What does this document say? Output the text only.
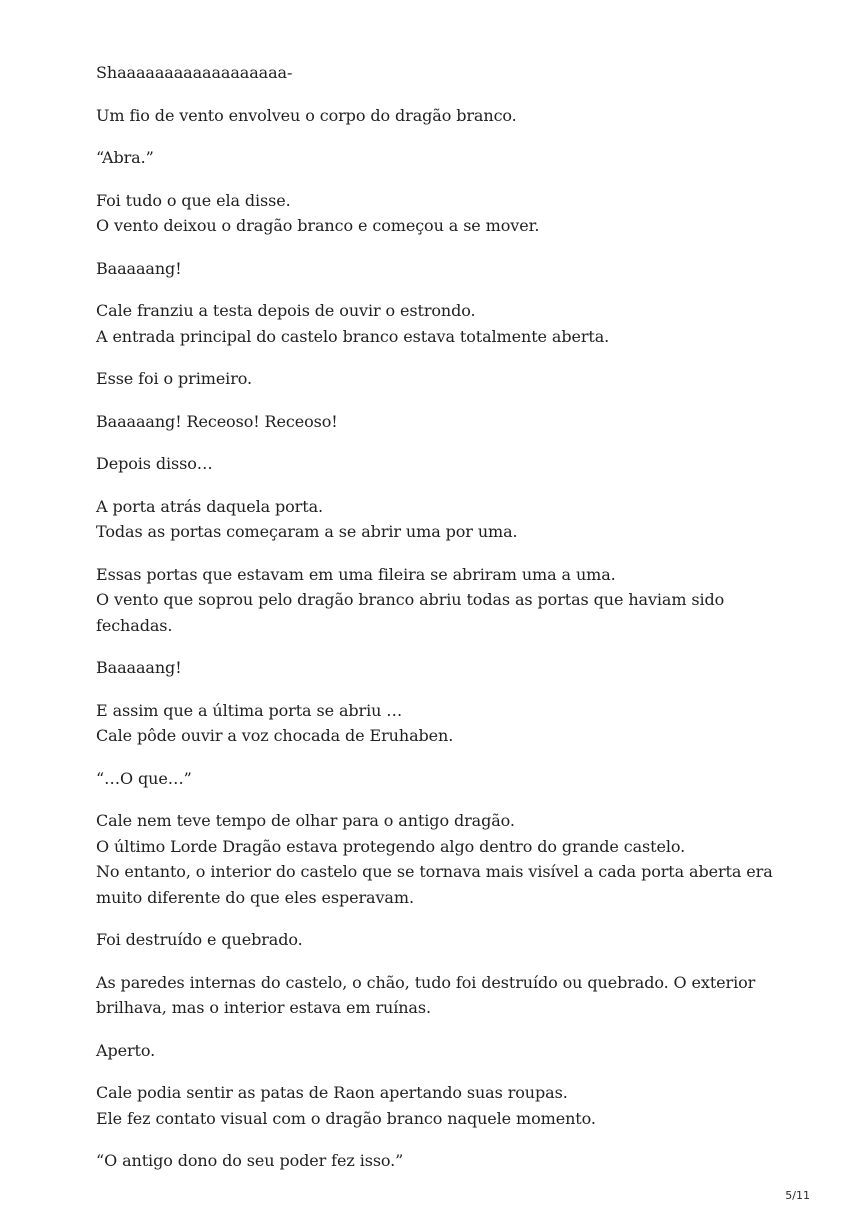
Shaaaaaaaaaaaaaaaaaa-

Um fio de vento envolveu o corpo do dragão branco.

“Abra.”

Foi tudo o que ela disse.
O vento deixou o dragão branco e começou a se mover.

Baaaaang!

Cale franziu a testa depois de ouvir o estrondo.
A entrada principal do castelo branco estava totalmente aberta.

Esse foi o primeiro.

Baaaaang! Receoso! Receoso!

Depois disso…

A porta atrás daquela porta.
Todas as portas começaram a se abrir uma por uma.

Essas portas que estavam em uma fileira se abriram uma a uma.
O vento que soprou pelo dragão branco abriu todas as portas que haviam sido fechadas.

Baaaaang!

E assim que a última porta se abriu …
Cale pôde ouvir a voz chocada de Eruhaben.

“…O que…”

Cale nem teve tempo de olhar para o antigo dragão.
O último Lorde Dragão estava protegendo algo dentro do grande castelo.
No entanto, o interior do castelo que se tornava mais visível a cada porta aberta era
muito diferente do que eles esperavam.

Foi destruído e quebrado.

As paredes internas do castelo, o chão, tudo foi destruído ou quebrado. O exterior
brilhava, mas o interior estava em ruínas.

Aperto.

Cale podia sentir as patas de Raon apertando suas roupas.
Ele fez contato visual com o dragão branco naquele momento.

“O antigo dono do seu poder fez isso.”

5/11
